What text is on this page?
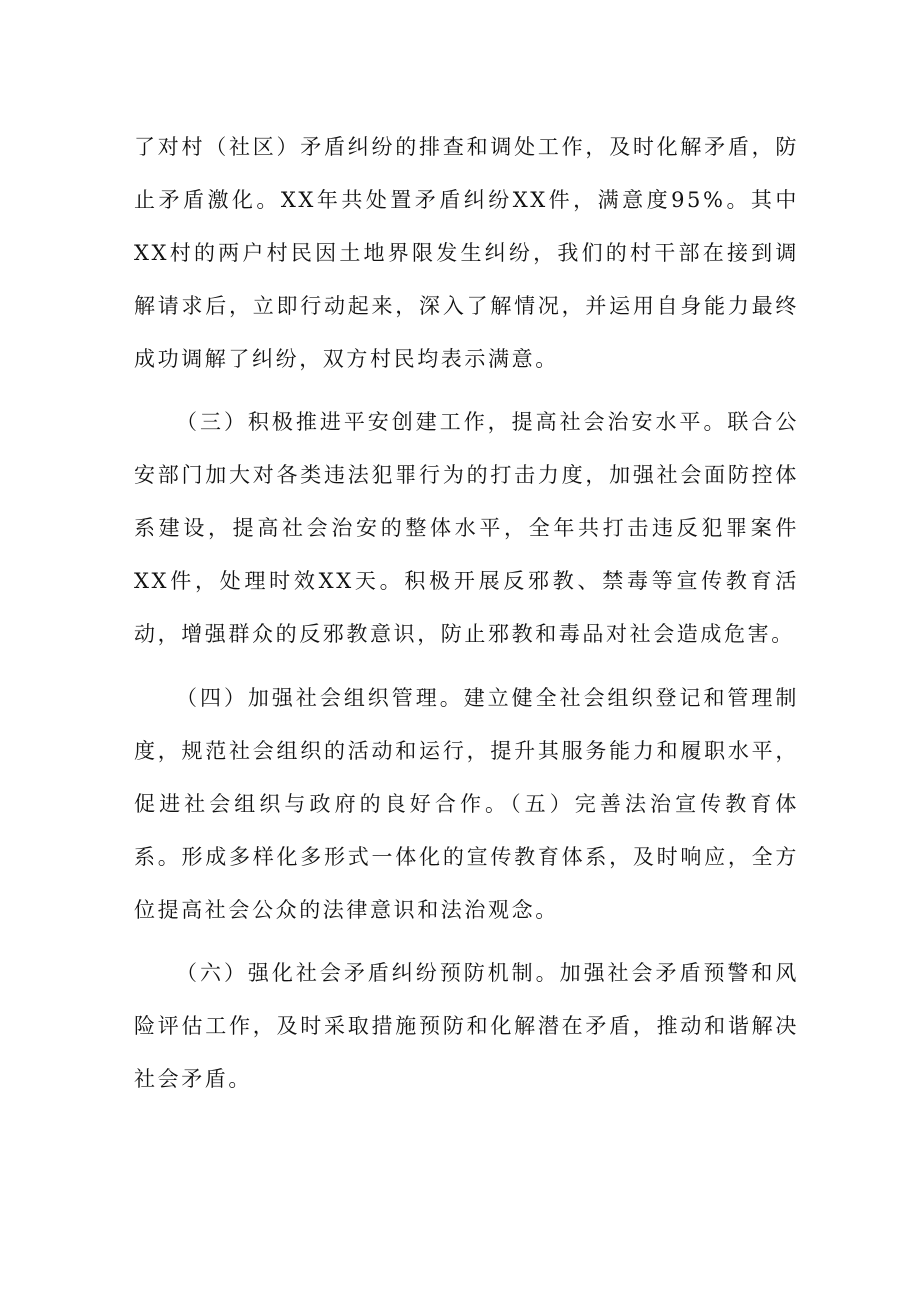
了对村（社区）矛盾纠纷的排查和调处工作，及时化解矛盾，防止矛盾激化。XX年共处置矛盾纠纷XX件，满意度95%。其中XX村的两户村民因土地界限发生纠纷，我们的村干部在接到调解请求后，立即行动起来，深入了解情况，并运用自身能力最终成功调解了纠纷，双方村民均表示满意。

（三）积极推进平安创建工作，提高社会治安水平。联合公安部门加大对各类违法犯罪行为的打击力度，加强社会面防控体系建设，提高社会治安的整体水平，全年共打击违反犯罪案件XX件，处理时效XX天。积极开展反邪教、禁毒等宣传教育活动，增强群众的反邪教意识，防止邪教和毒品对社会造成危害。

（四）加强社会组织管理。建立健全社会组织登记和管理制度，规范社会组织的活动和运行，提升其服务能力和履职水平，促进社会组织与政府的良好合作。（五）完善法治宣传教育体系。形成多样化多形式一体化的宣传教育体系，及时响应，全方位提高社会公众的法律意识和法治观念。

（六）强化社会矛盾纠纷预防机制。加强社会矛盾预警和风险评估工作，及时采取措施预防和化解潜在矛盾，推动和谐解决社会矛盾。
